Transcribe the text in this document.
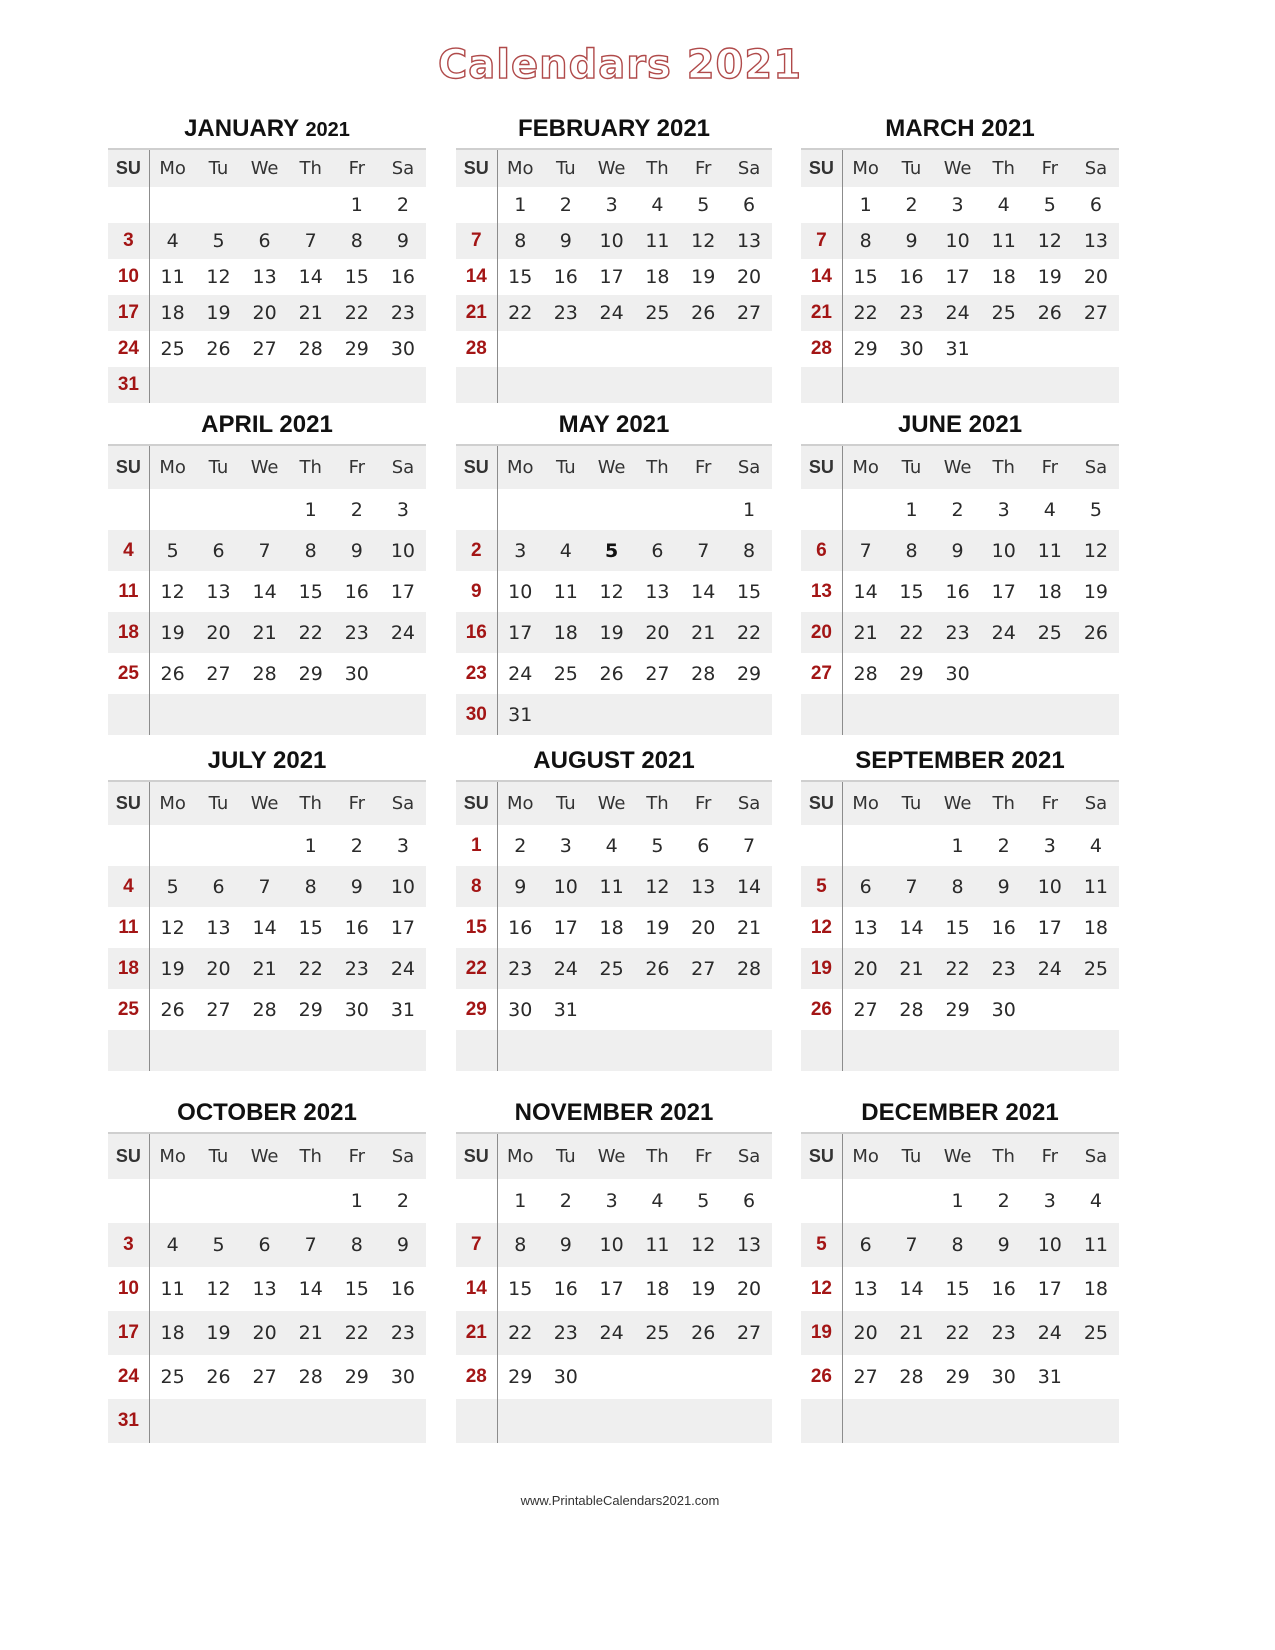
Calendars 2021
JANUARY 2021
SU	Mo	Tu	We	Th	Fr	Sa
					1	2
3	4	5	6	7	8	9
10	11	12	13	14	15	16
17	18	19	20	21	22	23
24	25	26	27	28	29	30
31						
FEBRUARY 2021
SU	Mo	Tu	We	Th	Fr	Sa
	1	2	3	4	5	6
7	8	9	10	11	12	13
14	15	16	17	18	19	20
21	22	23	24	25	26	27
28						

MARCH 2021
SU	Mo	Tu	We	Th	Fr	Sa
	1	2	3	4	5	6
7	8	9	10	11	12	13
14	15	16	17	18	19	20
21	22	23	24	25	26	27
28	29	30	31			

APRIL 2021
SU	Mo	Tu	We	Th	Fr	Sa
				1	2	3
4	5	6	7	8	9	10
11	12	13	14	15	16	17
18	19	20	21	22	23	24
25	26	27	28	29	30	

MAY 2021
SU	Mo	Tu	We	Th	Fr	Sa
						1
2	3	4	5	6	7	8
9	10	11	12	13	14	15
16	17	18	19	20	21	22
23	24	25	26	27	28	29
30	31					
JUNE 2021
SU	Mo	Tu	We	Th	Fr	Sa
		1	2	3	4	5
6	7	8	9	10	11	12
13	14	15	16	17	18	19
20	21	22	23	24	25	26
27	28	29	30			

JULY 2021
SU	Mo	Tu	We	Th	Fr	Sa
				1	2	3
4	5	6	7	8	9	10
11	12	13	14	15	16	17
18	19	20	21	22	23	24
25	26	27	28	29	30	31

AUGUST 2021
SU	Mo	Tu	We	Th	Fr	Sa
1	2	3	4	5	6	7
8	9	10	11	12	13	14
15	16	17	18	19	20	21
22	23	24	25	26	27	28
29	30	31				

SEPTEMBER 2021
SU	Mo	Tu	We	Th	Fr	Sa
			1	2	3	4
5	6	7	8	9	10	11
12	13	14	15	16	17	18
19	20	21	22	23	24	25
26	27	28	29	30		

OCTOBER 2021
SU	Mo	Tu	We	Th	Fr	Sa
					1	2
3	4	5	6	7	8	9
10	11	12	13	14	15	16
17	18	19	20	21	22	23
24	25	26	27	28	29	30
31						
NOVEMBER 2021
SU	Mo	Tu	We	Th	Fr	Sa
	1	2	3	4	5	6
7	8	9	10	11	12	13
14	15	16	17	18	19	20
21	22	23	24	25	26	27
28	29	30				

DECEMBER 2021
SU	Mo	Tu	We	Th	Fr	Sa
			1	2	3	4
5	6	7	8	9	10	11
12	13	14	15	16	17	18
19	20	21	22	23	24	25
26	27	28	29	30	31	

www.PrintableCalendars2021.com
